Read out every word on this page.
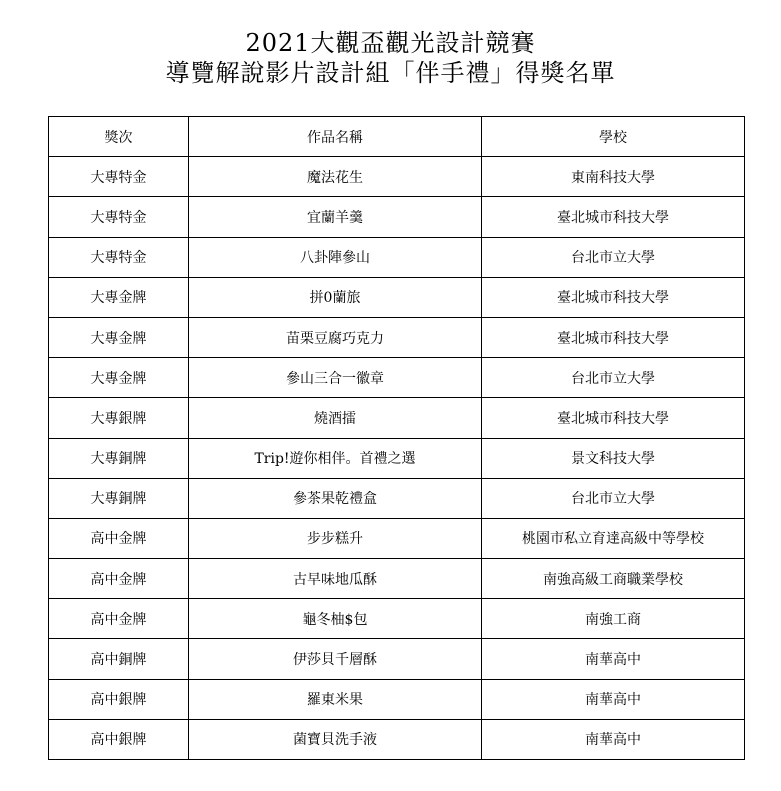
2021大觀盃觀光設計競賽
導覽解說影片設計組「伴手禮」得獎名單
獎次	作品名稱	學校
大專特金	魔法花生	東南科技大學
大專特金	宜蘭羊羹	臺北城市科技大學
大專特金	八卦陣參山	台北市立大學
大專金牌	拼0蘭旅	臺北城市科技大學
大專金牌	苗栗豆腐巧克力	臺北城市科技大學
大專金牌	參山三合一徽章	台北市立大學
大專銀牌	燒酒擂	臺北城市科技大學
大專銅牌	Trip!遊你相伴。首禮之選	景文科技大學
大專銅牌	參茶果乾禮盒	台北市立大學
高中金牌	步步糕升	桃園市私立育達高級中等學校
高中金牌	古早味地瓜酥	南強高級工商職業學校
高中金牌	龜冬柚$包	南強工商
高中銅牌	伊莎貝千層酥	南華高中
高中銀牌	羅東米果	南華高中
高中銀牌	菌寶貝洗手液	南華高中
